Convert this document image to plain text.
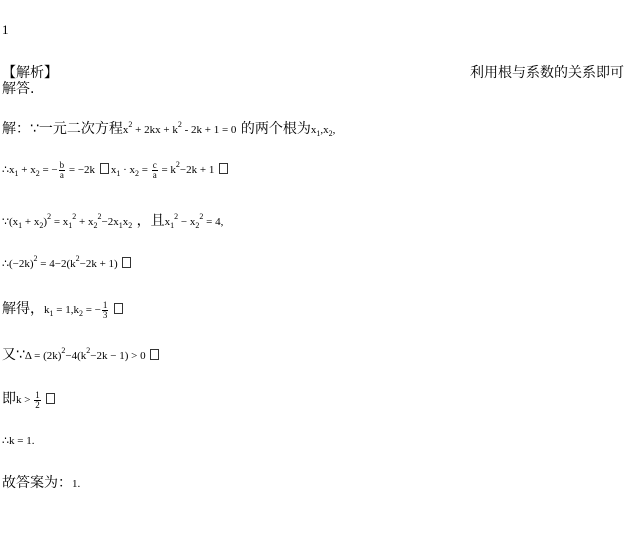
1
【解析】	利用根与系数的关系即可
解答.
解：∵一元二次方程$x^2 + 2kx + k^2 - 2k + 1 = 0$ 的两个根为$x_1,x_2$,
$\therefore x_1 + x_2$ = − $\frac{b}{a} = -2k$ $x_1 \cdot x_2 = \frac{c}{a} = k^2-2k + 1$
$\because(x_1 + x_2)^2 = x_1^2 + x_2^2-2x_1x_2$ ，且$x_1^2 - x_2^2 = 4$,
$\therefore(-2k)^2 = 4-2(k^2-2k + 1)$
解得，$k_1 = 1,k_2$ = − $\frac{1}{3}$

又∵Δ = $(2k)^2-4(k^2-2k - 1) > 0$
即$k > \frac{1}{2}$

∴k = 1.
故答案为：1.
